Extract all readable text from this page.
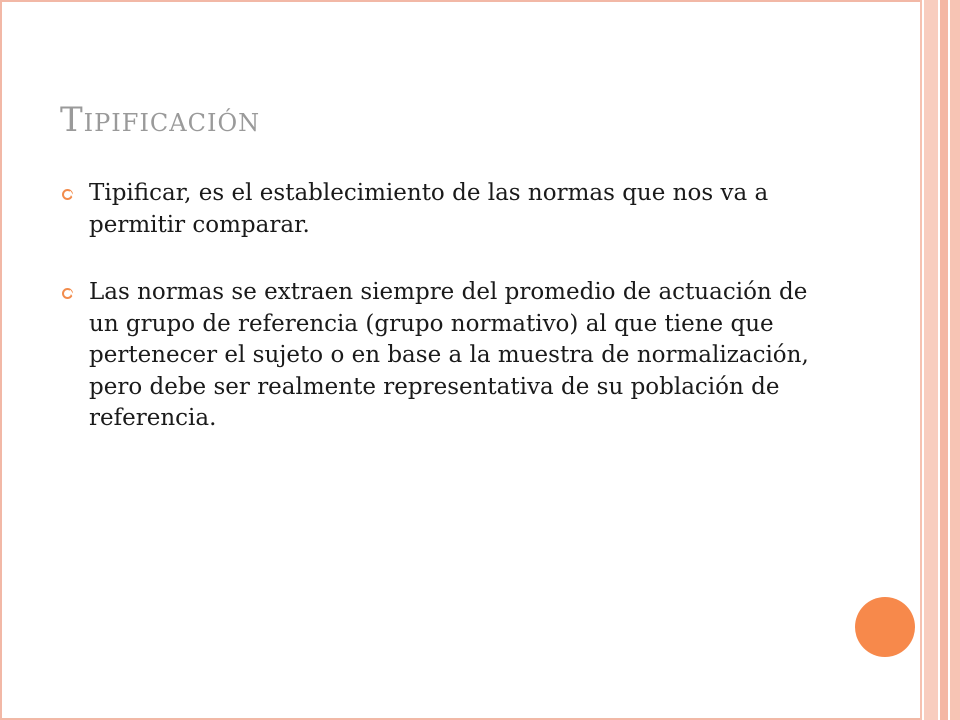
Tipificación
Tipificar, es el establecimiento de las normas que nos va a permitir comparar.
Las normas se extraen siempre del promedio de actuación de un grupo de referencia (grupo normativo) al que tiene que pertenecer el sujeto o en base a la muestra de normalización, pero debe ser realmente representativa de su población de referencia.
